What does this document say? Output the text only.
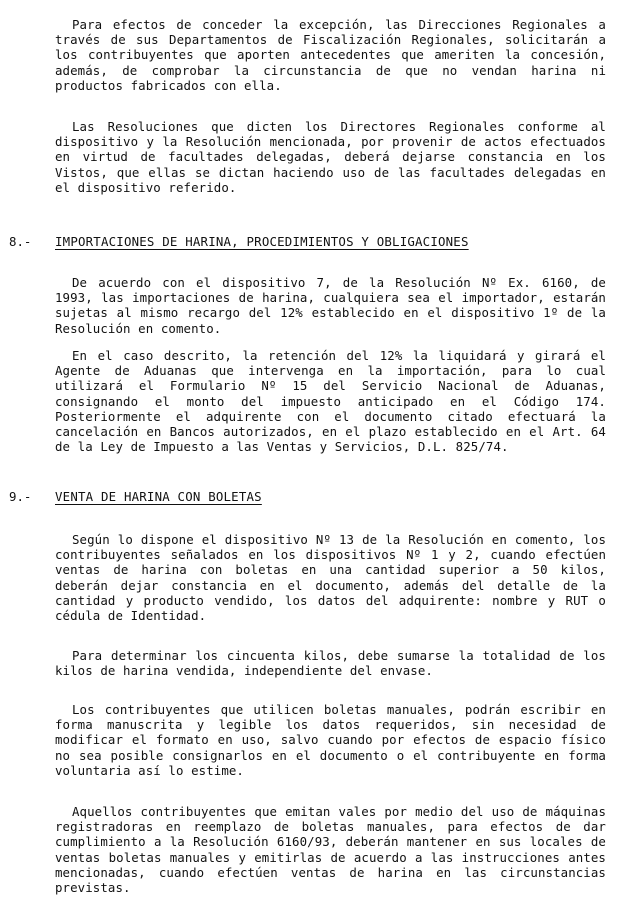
Para efectos de conceder la excepción, las Direcciones Regionales a través de sus Departamentos de Fiscalización Regionales, solicitarán a los contribuyentes que aporten antecedentes que ameriten la concesión, además, de comprobar la circunstancia de que no vendan harina ni productos fabricados con ella.

Las Resoluciones que dicten los Directores Regionales conforme al dispositivo y la Resolución mencionada, por provenir de actos efectuados en virtud de facultades delegadas, deberá dejarse constancia en los Vistos, que ellas se dictan haciendo uso de las facultades delegadas en el dispositivo referido.

8.- IMPORTACIONES DE HARINA, PROCEDIMIENTOS Y OBLIGACIONES

De acuerdo con el dispositivo 7, de la Resolución Nº Ex. 6160, de 1993, las importaciones de harina, cualquiera sea el importador, estarán sujetas al mismo recargo del 12% establecido en el dispositivo 1º de la Resolución en comento.

En el caso descrito, la retención del 12% la liquidará y girará el Agente de Aduanas que intervenga en la importación, para lo cual utilizará el Formulario Nº 15 del Servicio Nacional de Aduanas, consignando el monto del impuesto anticipado en el Código 174. Posteriormente el adquirente con el documento citado efectuará la cancelación en Bancos autorizados, en el plazo establecido en el Art. 64 de la Ley de Impuesto a las Ventas y Servicios, D.L. 825/74.

9.- VENTA DE HARINA CON BOLETAS

Según lo dispone el dispositivo Nº 13 de la Resolución en comento, los contribuyentes señalados en los dispositivos Nº 1 y 2, cuando efectúen ventas de harina con boletas en una cantidad superior a 50 kilos, deberán dejar constancia en el documento, además del detalle de la cantidad y producto vendido, los datos del adquirente: nombre y RUT o cédula de Identidad.

Para determinar los cincuenta kilos, debe sumarse la totalidad de los kilos de harina vendida, independiente del envase.

Los contribuyentes que utilicen boletas manuales, podrán escribir en forma manuscrita y legible los datos requeridos, sin necesidad de modificar el formato en uso, salvo cuando por efectos de espacio físico no sea posible consignarlos en el documento o el contribuyente en forma voluntaria así lo estime.

Aquellos contribuyentes que emitan vales por medio del uso de máquinas registradoras en reemplazo de boletas manuales, para efectos de dar cumplimiento a la Resolución 6160/93, deberán mantener en sus locales de ventas boletas manuales y emitirlas de acuerdo a las instrucciones antes mencionadas, cuando efectúen ventas de harina en las circunstancias previstas.
